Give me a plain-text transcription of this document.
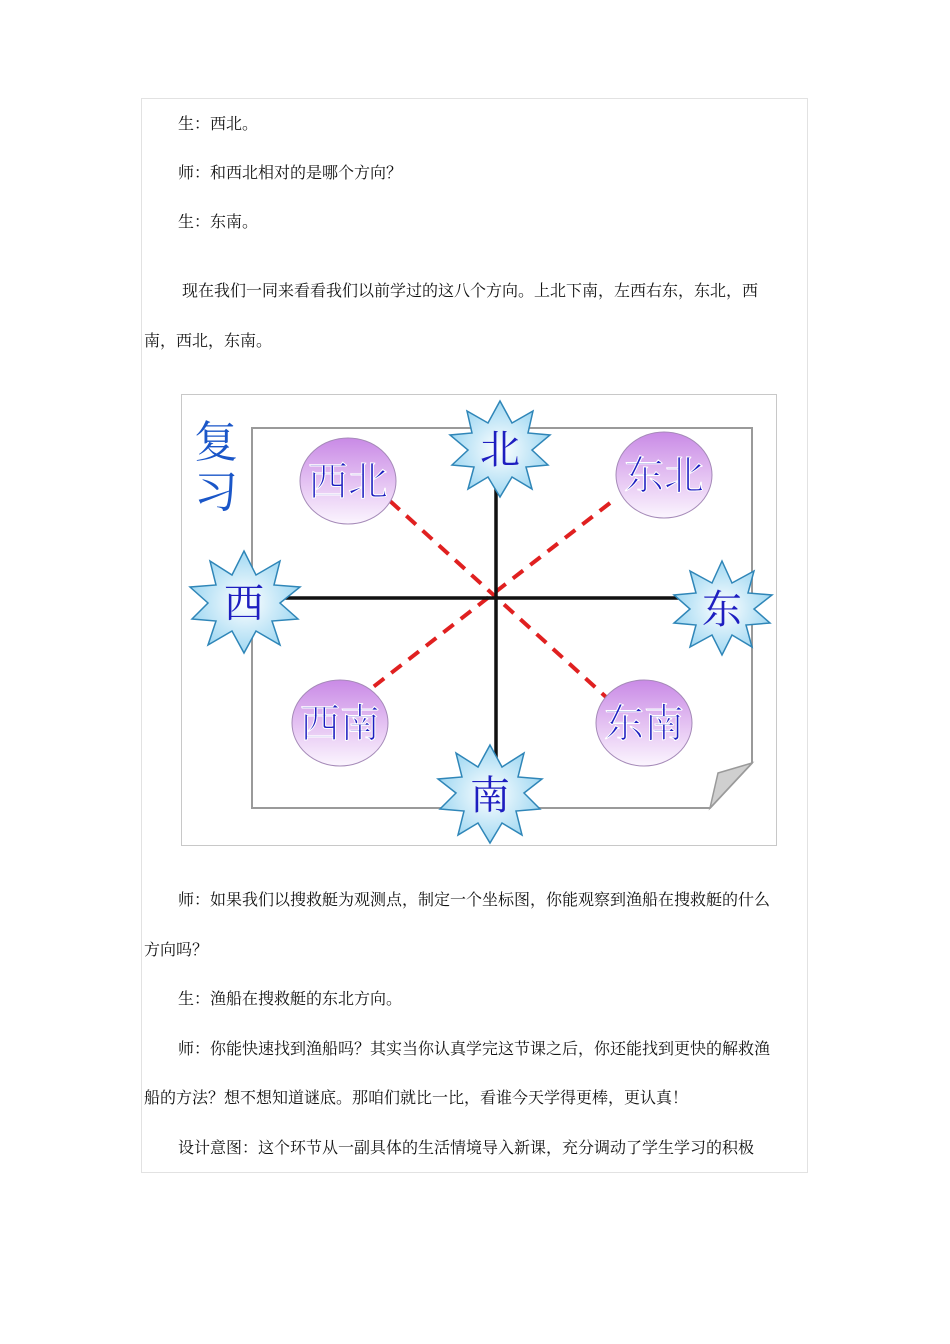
生：西北。
师：和西北相对的是哪个方向？
生：东南。
现在我们一同来看看我们以前学过的这八个方向。上北下南，左西右东，东北，西
南，西北，东南。
复
习 西北	东北
西南	东南
北
西	东
南
师：如果我们以搜救艇为观测点，制定一个坐标图，你能观察到渔船在搜救艇的什么
方向吗？
生：渔船在搜救艇的东北方向。
师：你能快速找到渔船吗？其实当你认真学完这节课之后，你还能找到更快的解救渔
船的方法？想不想知道谜底。那咱们就比一比，看谁今天学得更棒，更认真！
设计意图：这个环节从一副具体的生活情境导入新课，充分调动了学生学习的积极
